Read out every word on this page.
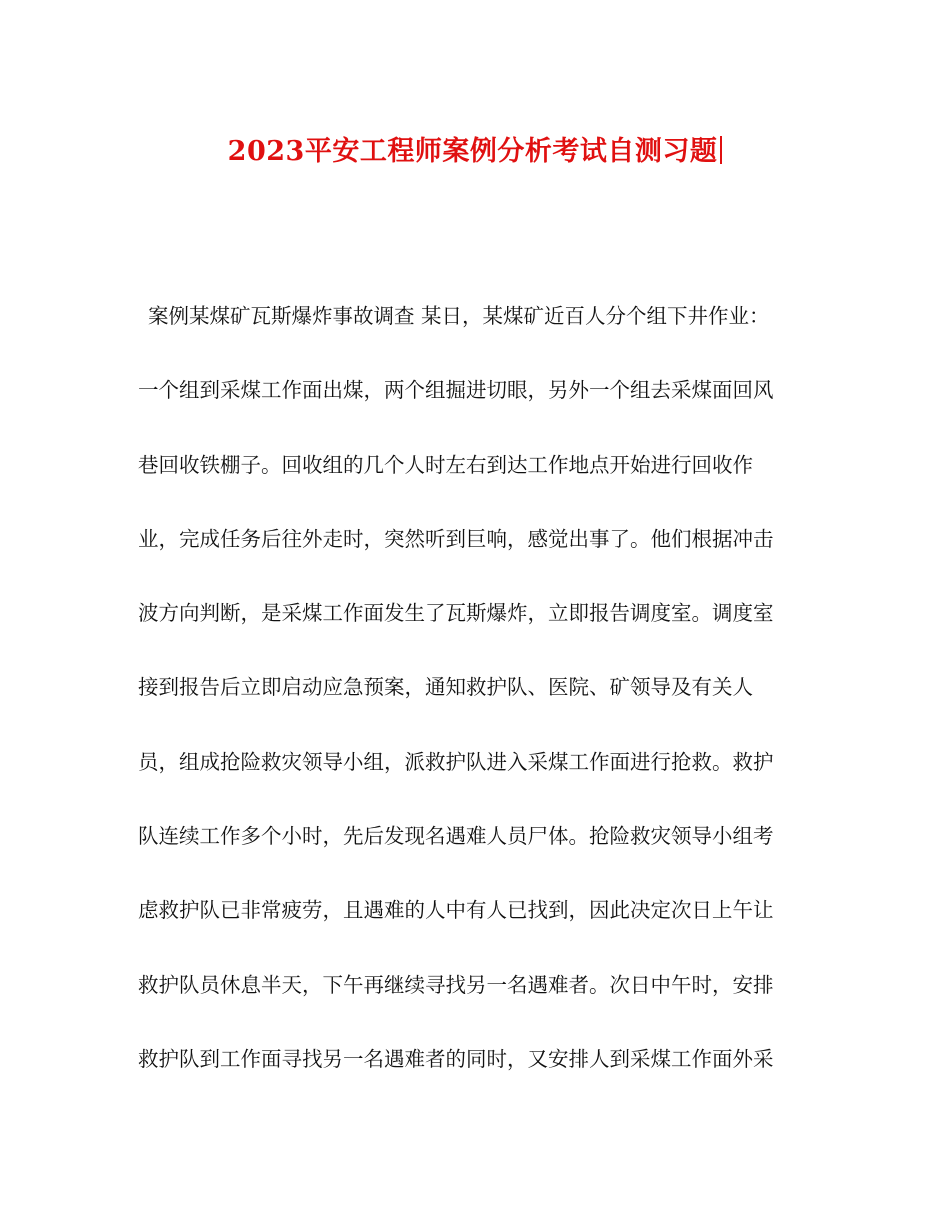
2023平安工程师案例分析考试自测习题
案例某煤矿瓦斯爆炸事故调查 某日，某煤矿近百人分个组下井作业：
一个组到采煤工作面出煤，两个组掘进切眼，另外一个组去采煤面回风
巷回收铁棚子。回收组的几个人时左右到达工作地点开始进行回收作
业，完成任务后往外走时，突然听到巨响，感觉出事了。他们根据冲击
波方向判断，是采煤工作面发生了瓦斯爆炸，立即报告调度室。调度室
接到报告后立即启动应急预案，通知救护队、医院、矿领导及有关人
员，组成抢险救灾领导小组，派救护队进入采煤工作面进行抢救。救护
队连续工作多个小时，先后发现名遇难人员尸体。抢险救灾领导小组考
虑救护队已非常疲劳，且遇难的人中有人已找到，因此决定次日上午让
救护队员休息半天，下午再继续寻找另一名遇难者。次日中午时，安排
救护队到工作面寻找另一名遇难者的同时，又安排人到采煤工作面外采
